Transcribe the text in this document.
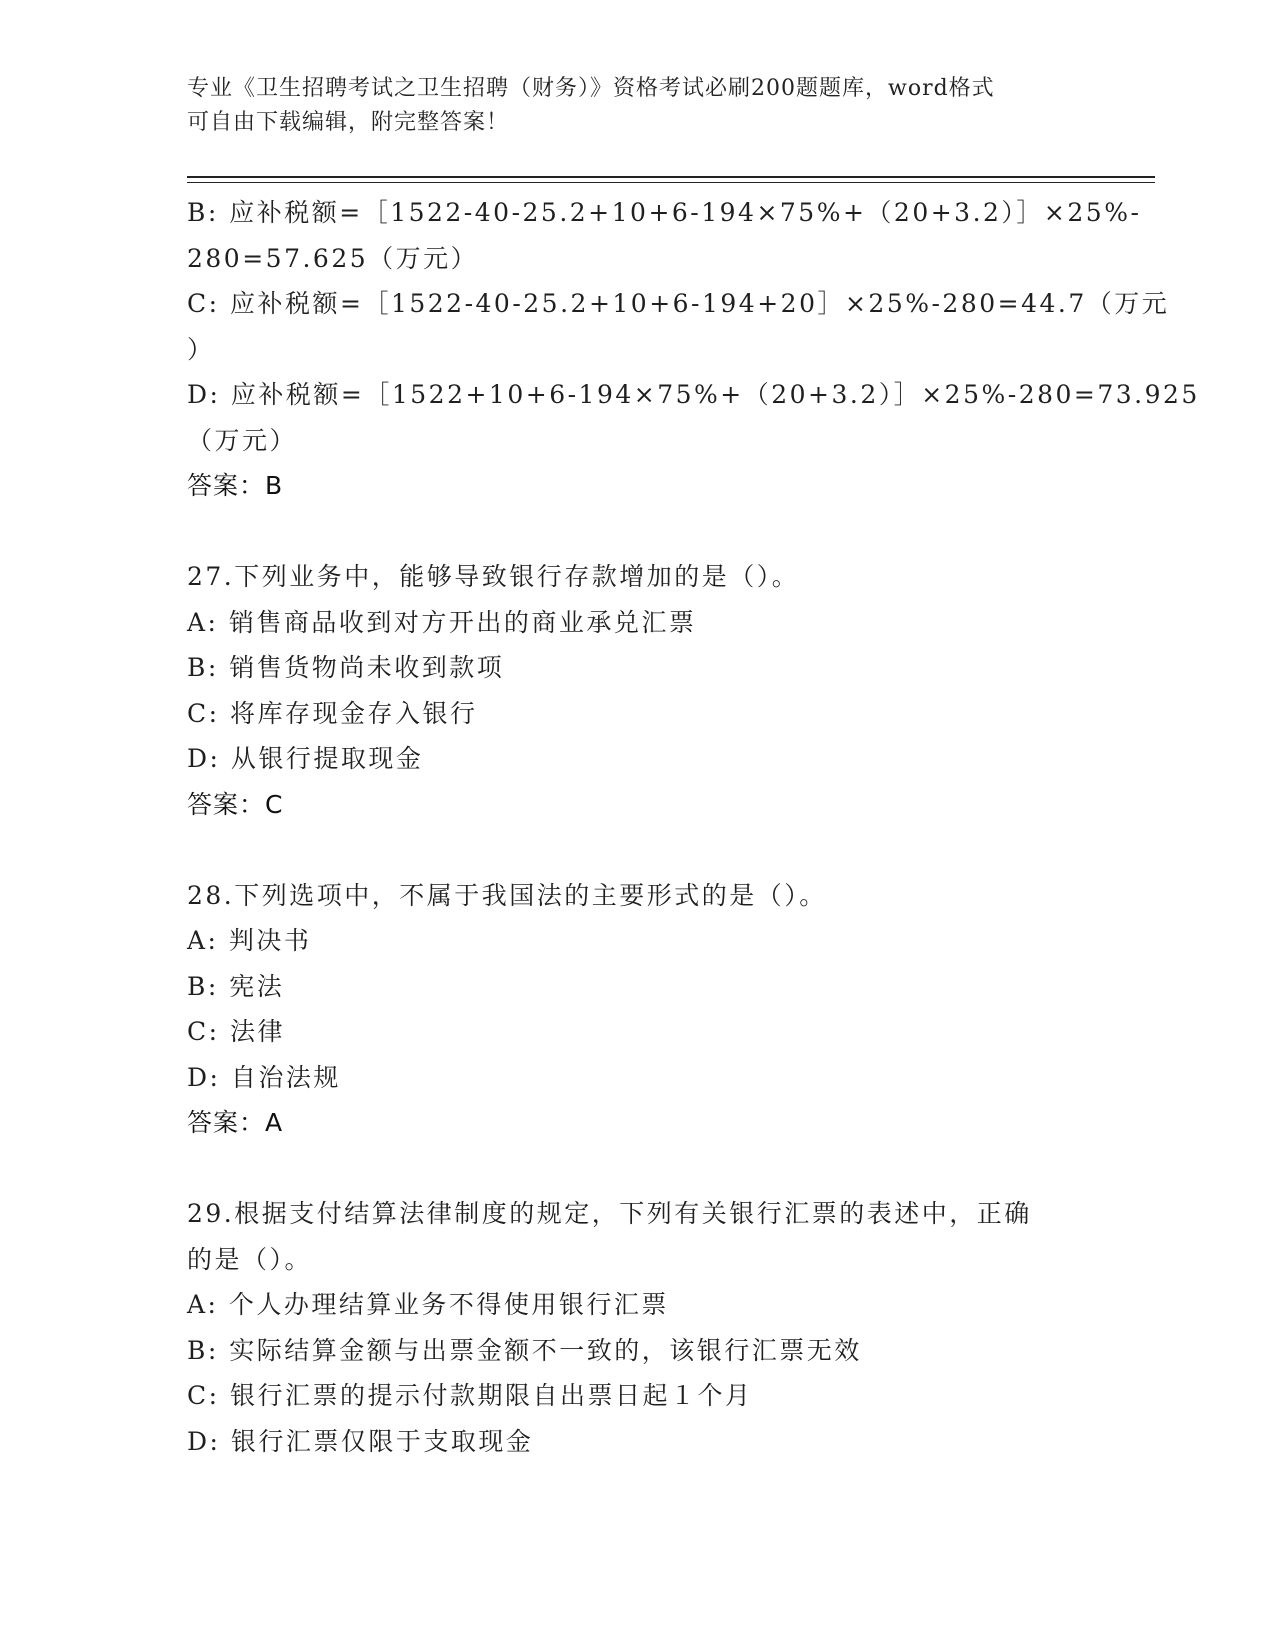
专业《卫生招聘考试之卫生招聘（财务）》资格考试必刷200题题库，word格式
可自由下载编辑，附完整答案！
B: 应补税额=［1522-40-25.2+10+6-194×75%+（20+3.2）］×25%-
280=57.625（万元）
C: 应补税额=［1522-40-25.2+10+6-194+20］×25%-280=44.7（万元
）
D: 应补税额=［1522+10+6-194×75%+（20+3.2）］×25%-280=73.925
（万元）
答案：B
27.下列业务中，能够导致银行存款增加的是（）。
A: 销售商品收到对方开出的商业承兑汇票
B: 销售货物尚未收到款项
C: 将库存现金存入银行
D: 从银行提取现金
答案：C
28.下列选项中，不属于我国法的主要形式的是（）。
A: 判决书
B: 宪法
C: 法律
D: 自治法规
答案：A
29.根据支付结算法律制度的规定，下列有关银行汇票的表述中，正确
的是（）。
A: 个人办理结算业务不得使用银行汇票
B: 实际结算金额与出票金额不一致的，该银行汇票无效
C: 银行汇票的提示付款期限自出票日起１个月
D: 银行汇票仅限于支取现金
